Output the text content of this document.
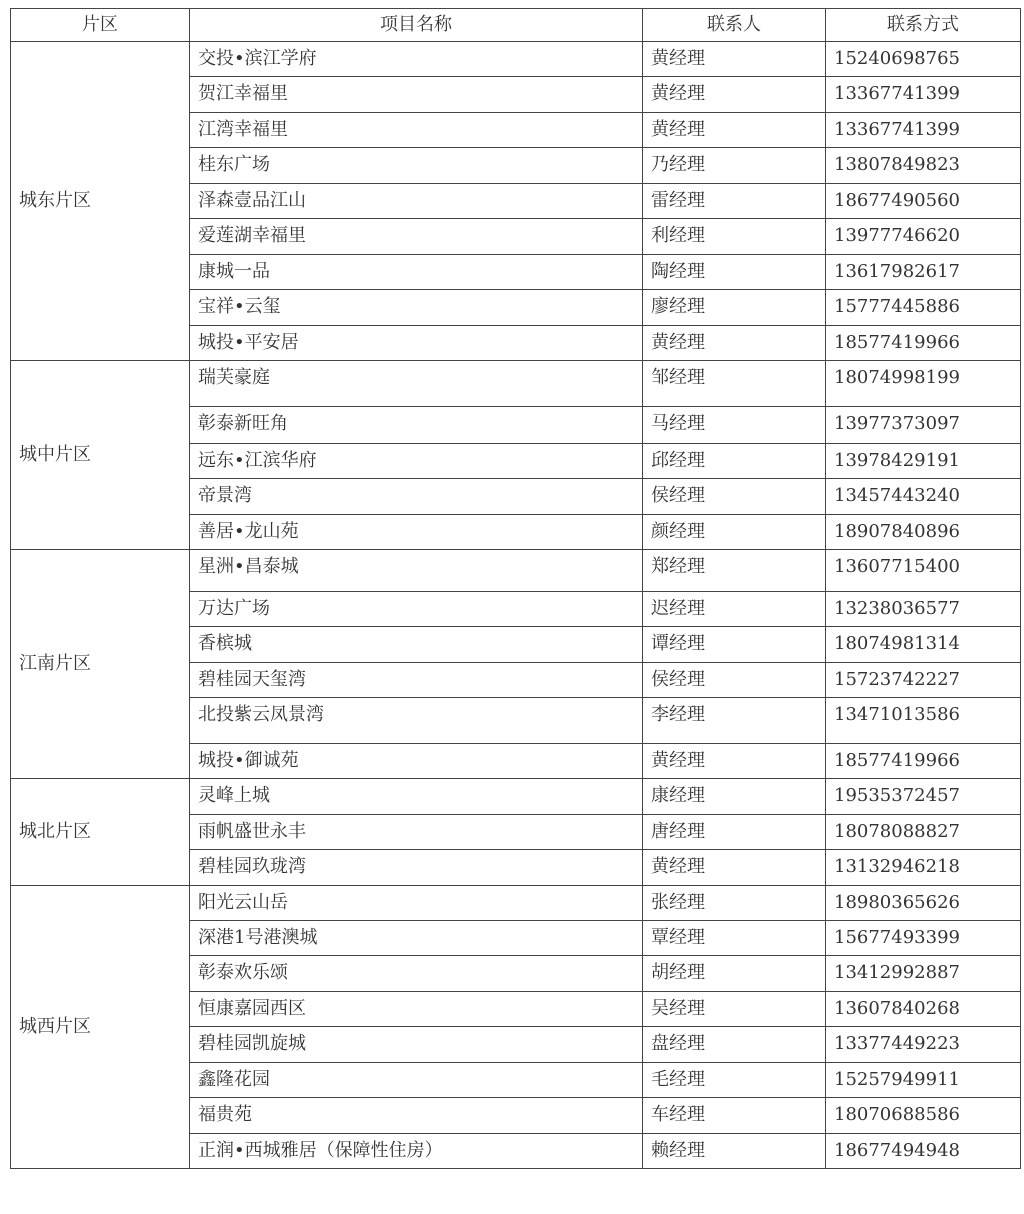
片区	项目名称	联系人	联系方式
城东片区	交投•滨江学府	黄经理	15240698765
	贺江幸福里	黄经理	13367741399
	江湾幸福里	黄经理	13367741399
	桂东广场	乃经理	13807849823
	泽森壹品江山	雷经理	18677490560
	爱莲湖幸福里	利经理	13977746620
	康城一品	陶经理	13617982617
	宝祥•云玺	廖经理	15777445886
	城投•平安居	黄经理	18577419966
城中片区	瑞芙豪庭	邹经理	18074998199
	彰泰新旺角	马经理	13977373097
	远东•江滨华府	邱经理	13978429191
	帝景湾	侯经理	13457443240
	善居•龙山苑	颜经理	18907840896
江南片区	星洲•昌泰城	郑经理	13607715400
	万达广场	迟经理	13238036577
	香槟城	谭经理	18074981314
	碧桂园天玺湾	侯经理	15723742227
	北投紫云凤景湾	李经理	13471013586
	城投•御诚苑	黄经理	18577419966
城北片区	灵峰上城	康经理	19535372457
	雨帆盛世永丰	唐经理	18078088827
	碧桂园玖珑湾	黄经理	13132946218
城西片区	阳光云山岳	张经理	18980365626
	深港1号港澳城	覃经理	15677493399
	彰泰欢乐颂	胡经理	13412992887
	恒康嘉园西区	吴经理	13607840268
	碧桂园凯旋城	盘经理	13377449223
	鑫隆花园	毛经理	15257949911
	福贵苑	车经理	18070688586
	正润•西城雅居（保障性住房）	赖经理	18677494948
